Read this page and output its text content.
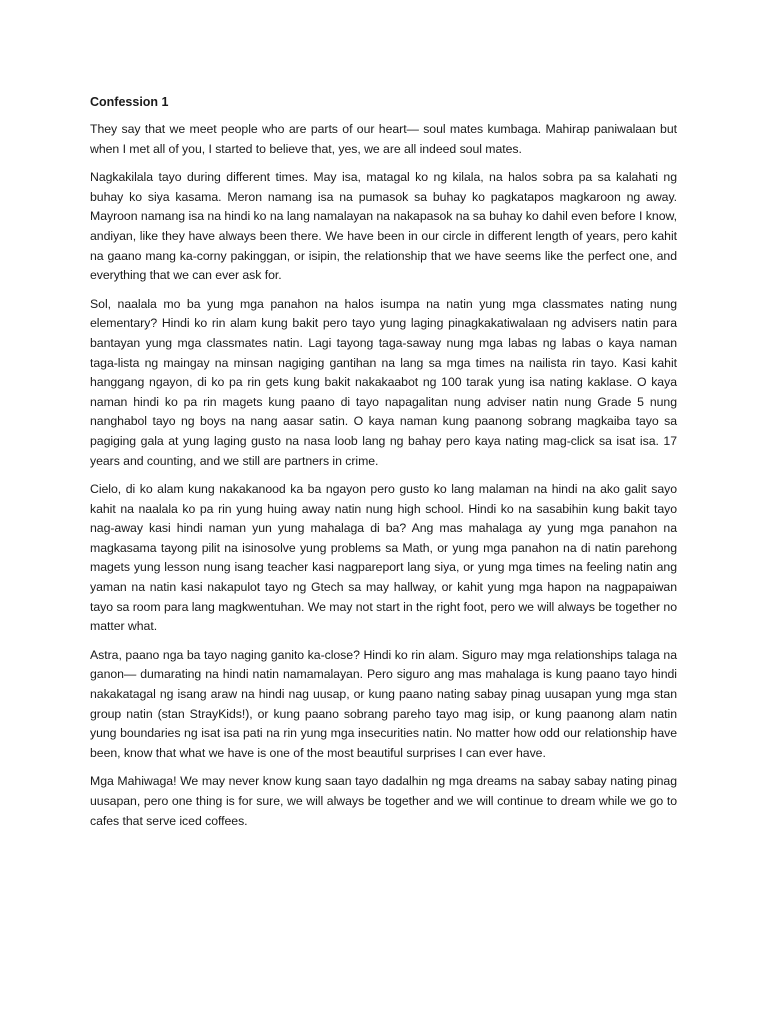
Confession 1

They say that we meet people who are parts of our heart— soul mates kumbaga. Mahirap paniwalaan but when I met all of you, I started to believe that, yes, we are all indeed soul mates.

Nagkakilala tayo during different times. May isa, matagal ko ng kilala, na halos sobra pa sa kalahati ng buhay ko siya kasama. Meron namang isa na pumasok sa buhay ko pagkatapos magkaroon ng away. Mayroon namang isa na hindi ko na lang namalayan na nakapasok na sa buhay ko dahil even before I know, andiyan, like they have always been there. We have been in our circle in different length of years, pero kahit na gaano mang ka-corny pakinggan, or isipin, the relationship that we have seems like the perfect one, and everything that we can ever ask for.

Sol, naalala mo ba yung mga panahon na halos isumpa na natin yung mga classmates nating nung elementary? Hindi ko rin alam kung bakit pero tayo yung laging pinagkakatiwalaan ng advisers natin para bantayan yung mga classmates natin. Lagi tayong taga-saway nung mga labas ng labas o kaya naman taga-lista ng maingay na minsan nagiging gantihan na lang sa mga times na nailista rin tayo. Kasi kahit hanggang ngayon, di ko pa rin gets kung bakit nakakaabot ng 100 tarak yung isa nating kaklase. O kaya naman hindi ko pa rin magets kung paano di tayo napagalitan nung adviser natin nung Grade 5 nung nanghabol tayo ng boys na nang aasar satin. O kaya naman kung paanong sobrang magkaiba tayo sa pagiging gala at yung laging gusto na nasa loob lang ng bahay pero kaya nating mag-click sa isat isa. 17 years and counting, and we still are partners in crime.

Cielo, di ko alam kung nakakanood ka ba ngayon pero gusto ko lang malaman na hindi na ako galit sayo kahit na naalala ko pa rin yung huing away natin nung high school. Hindi ko na sasabihin kung bakit tayo nag-away kasi hindi naman yun yung mahalaga di ba? Ang mas mahalaga ay yung mga panahon na magkasama tayong pilit na isinosolve yung problems sa Math, or yung mga panahon na di natin parehong magets yung lesson nung isang teacher kasi nagpareport lang siya, or yung mga times na feeling natin ang yaman na natin kasi nakapulot tayo ng Gtech sa may hallway, or kahit yung mga hapon na nagpapaiwan tayo sa room para lang magkwentuhan. We may not start in the right foot, pero we will always be together no matter what.

Astra, paano nga ba tayo naging ganito ka-close? Hindi ko rin alam. Siguro may mga relationships talaga na ganon— dumarating na hindi natin namamalayan. Pero siguro ang mas mahalaga is kung paano tayo hindi nakakatagal ng isang araw na hindi nag uusap, or kung paano nating sabay pinag uusapan yung mga stan group natin (stan StrayKids!), or kung paano sobrang pareho tayo mag isip, or kung paanong alam natin yung boundaries ng isat isa pati na rin yung mga insecurities natin. No matter how odd our relationship have been, know that what we have is one of the most beautiful surprises I can ever have.

Mga Mahiwaga! We may never know kung saan tayo dadalhin ng mga dreams na sabay sabay nating pinag uusapan, pero one thing is for sure, we will always be together and we will continue to dream while we go to cafes that serve iced coffees.
